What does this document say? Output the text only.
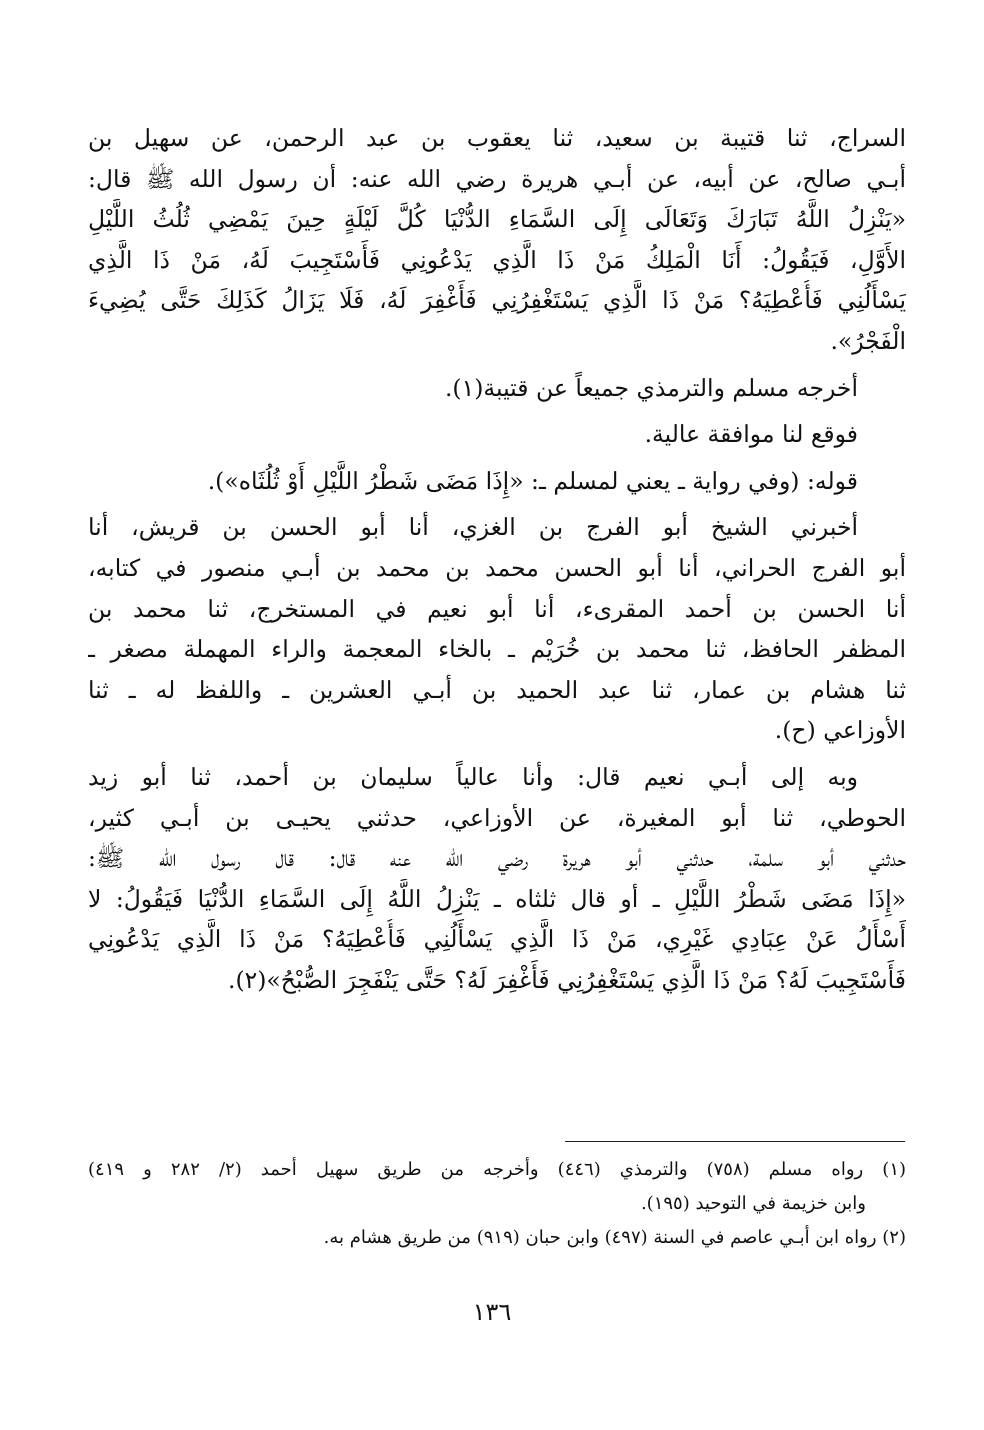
السراج، ثنا قتيبة بن سعيد، ثنا يعقوب بن عبد الرحمن، عن سهيل بن
أبـي صالح، عن أبيه، عن أبـي هريرة رضي الله عنه: أن رسول الله ﷺ قال:
«يَنْزِلُ اللَّهُ تَبَارَكَ وَتَعَالَى إِلَى السَّمَاءِ الدُّنْيَا كُلَّ لَيْلَةٍ حِينَ يَمْضِي ثُلُثُ اللَّيْلِ
الأَوَّلِ، فَيَقُولُ: أَنَا الْمَلِكُ مَنْ ذَا الَّذِي يَدْعُونِي فَأَسْتَجِيبَ لَهُ، مَنْ ذَا الَّذِي
يَسْأَلُنِي فَأُعْطِيَهُ؟ مَنْ ذَا الَّذِي يَسْتَغْفِرُنِي فَأَغْفِرَ لَهُ، فَلَا يَزَالُ كَذَلِكَ حَتَّى يُضِيءَ
الْفَجْرُ».
أخرجه مسلم والترمذي جميعاً عن قتيبة(١).
فوقع لنا موافقة عالية.
قوله: (وفي رواية ـ يعني لمسلم ـ: «إِذَا مَضَى شَطْرُ اللَّيْلِ أَوْ ثُلُثَاه»).
أخبرني الشيخ أبو الفرج بن الغزي، أنا أبو الحسن بن قريش، أنا
أبو الفرج الحراني، أنا أبو الحسن محمد بن محمد بن أبـي منصور في كتابه،
أنا الحسن بن أحمد المقرىء، أنا أبو نعيم في المستخرج، ثنا محمد بن
المظفر الحافظ، ثنا محمد بن خُرَيْم ـ بالخاء المعجمة والراء المهملة مصغر ـ
ثنا هشام بن عمار، ثنا عبد الحميد بن أبـي العشرين ـ واللفظ له ـ ثنا
الأوزاعي (ح).
وبه إلى أبـي نعيم قال: وأنا عالياً سليمان بن أحمد، ثنا أبو زيد
الحوطي، ثنا أبو المغيرة، عن الأوزاعي، حدثني يحيـى بن أبـي كثير،
حدثني أبو سلمة، حدثني أبو هريرة رضي الله عنه قال: قال رسول الله ﷺ:
«إِذَا مَضَى شَطْرُ اللَّيْلِ ـ أو قال ثلثاه ـ يَنْزِلُ اللَّهُ إِلَى السَّمَاءِ الدُّنْيَا فَيَقُولُ: لا
أَسْأَلُ عَنْ عِبَادِي غَيْرِي، مَنْ ذَا الَّذِي يَسْأَلُنِي فَأُعْطِيَهُ؟ مَنْ ذَا الَّذِي يَدْعُونِي
فَأَسْتَجِيبَ لَهُ؟ مَنْ ذَا الَّذِي يَسْتَغْفِرُنِي فَأَغْفِرَ لَهُ؟ حَتَّى يَنْفَجِرَ الصُّبْحُ»(٢).
(١) رواه مسلم (٧٥٨) والترمذي (٤٤٦) وأخرجه من طريق سهيل أحمد (٢/ ٢٨٢ و ٤١٩)
وابن خزيمة في التوحيد (١٩٥).
(٢) رواه ابن أبـي عاصم في السنة (٤٩٧) وابن حبان (٩١٩) من طريق هشام به.
١٣٦
